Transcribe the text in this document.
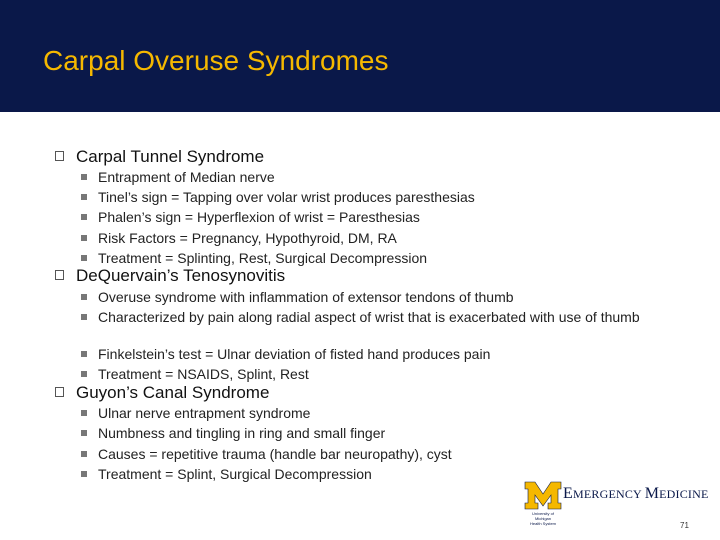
Carpal Overuse Syndromes
Carpal Tunnel Syndrome
Entrapment of Median nerve
Tinel’s sign = Tapping over volar wrist produces paresthesias
Phalen’s sign = Hyperflexion of wrist = Paresthesias
Risk Factors = Pregnancy, Hypothyroid, DM, RA
Treatment = Splinting, Rest, Surgical Decompression
DeQuervain’s Tenosynovitis
Overuse syndrome with inflammation of extensor tendons of thumb
Characterized by pain along radial aspect of wrist that is exacerbated with use of thumb
Finkelstein’s test = Ulnar deviation of fisted hand produces pain
Treatment = NSAIDS, Splint, Rest
Guyon’s Canal Syndrome
Ulnar nerve entrapment syndrome
Numbness and tingling in ring and small finger
Causes = repetitive trauma (handle bar neuropathy), cyst
Treatment = Splint, Surgical Decompression
University of Michigan
Health System
EMERGENCY MEDICINE
71
